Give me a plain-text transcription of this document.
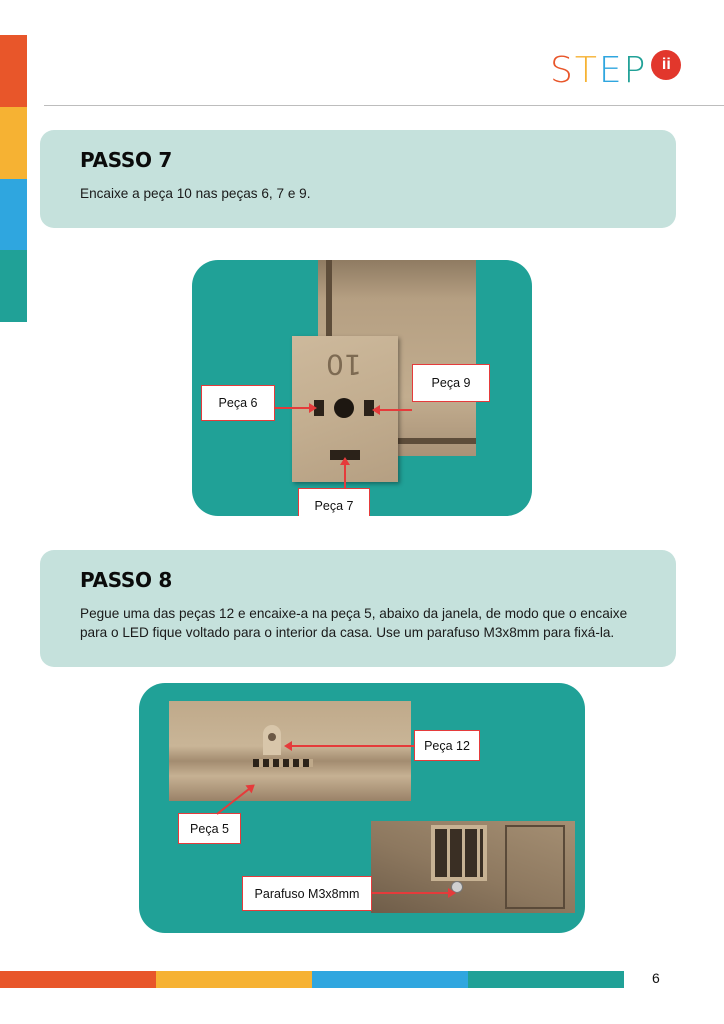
STEP ii
PASSO 7

Encaixe a peça 10 nas peças 6, 7 e 9.

10
Peça 6
Peça 9
Peça 7
PASSO 8

Pegue uma das peças 12 e encaixe-a na peça 5, abaixo da janela, de modo que o encaixe para o LED fique voltado para o interior da casa. Use um parafuso M3x8mm para fixá-la.

Peça 12
Peça 5
Parafuso M3x8mm
6
